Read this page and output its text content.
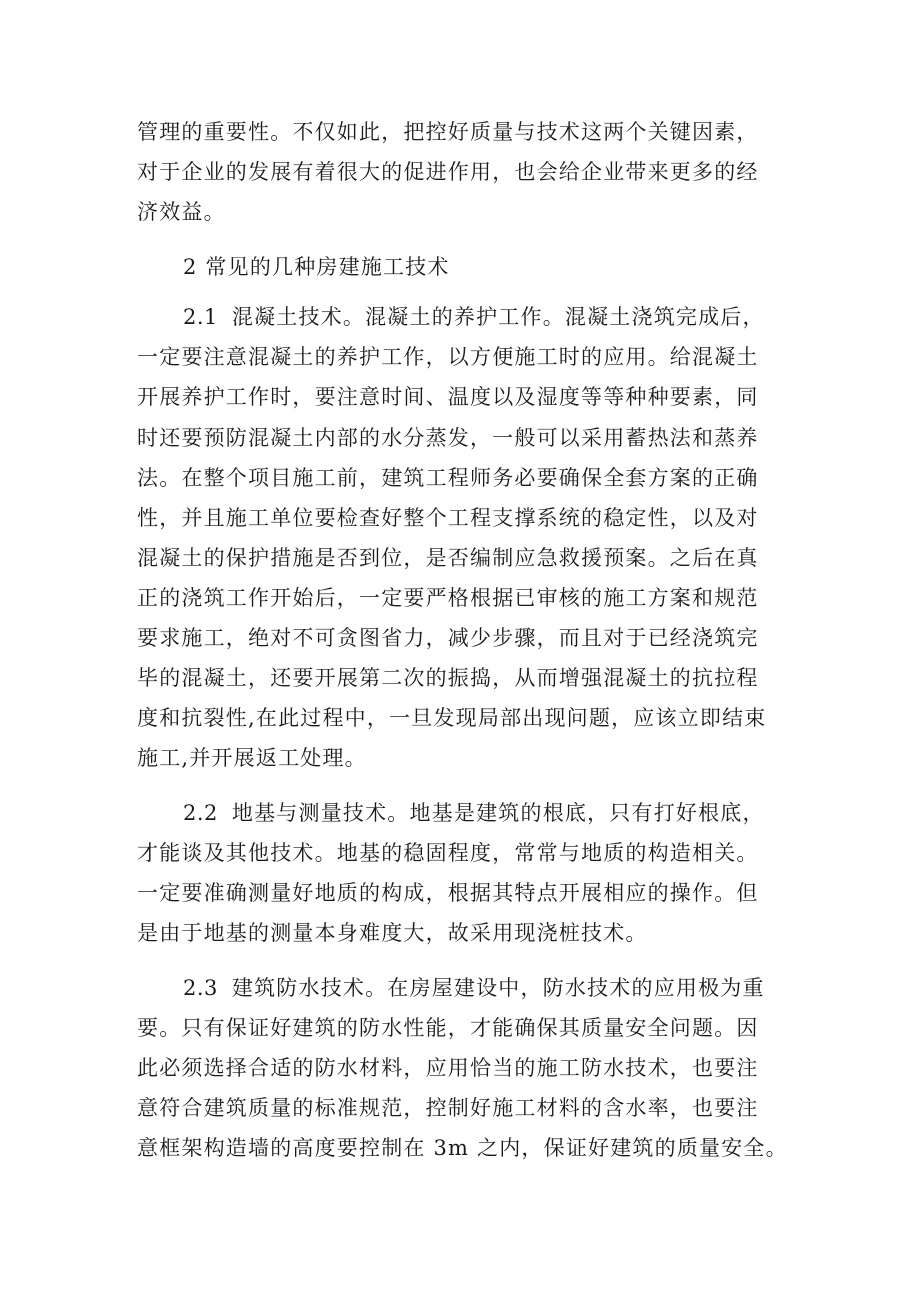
管理的重要性。不仅如此，把控好质量与技术这两个关键因素，
对于企业的发展有着很大的促进作用，也会给企业带来更多的经
济效益。
2 常见的几种房建施工技术
2.1 混凝土技术。混凝土的养护工作。混凝土浇筑完成后，
一定要注意混凝土的养护工作，以方便施工时的应用。给混凝土
开展养护工作时，要注意时间、温度以及湿度等等种种要素，同
时还要预防混凝土内部的水分蒸发，一般可以采用蓄热法和蒸养
法。在整个项目施工前，建筑工程师务必要确保全套方案的正确
性，并且施工单位要检查好整个工程支撑系统的稳定性，以及对
混凝土的保护措施是否到位，是否编制应急救援预案。之后在真
正的浇筑工作开始后，一定要严格根据已审核的施工方案和规范
要求施工，绝对不可贪图省力，减少步骤，而且对于已经浇筑完
毕的混凝土，还要开展第二次的振捣，从而增强混凝土的抗拉程
度和抗裂性,在此过程中，一旦发现局部出现问题，应该立即结束
施工,并开展返工处理。
2.2 地基与测量技术。地基是建筑的根底，只有打好根底，
才能谈及其他技术。地基的稳固程度，常常与地质的构造相关。
一定要准确测量好地质的构成，根据其特点开展相应的操作。但
是由于地基的测量本身难度大，故采用现浇桩技术。
2.3 建筑防水技术。在房屋建设中，防水技术的应用极为重
要。只有保证好建筑的防水性能，才能确保其质量安全问题。因
此必须选择合适的防水材料，应用恰当的施工防水技术，也要注
意符合建筑质量的标准规范，控制好施工材料的含水率，也要注
意框架构造墙的高度要控制在 3m 之内，保证好建筑的质量安全。
